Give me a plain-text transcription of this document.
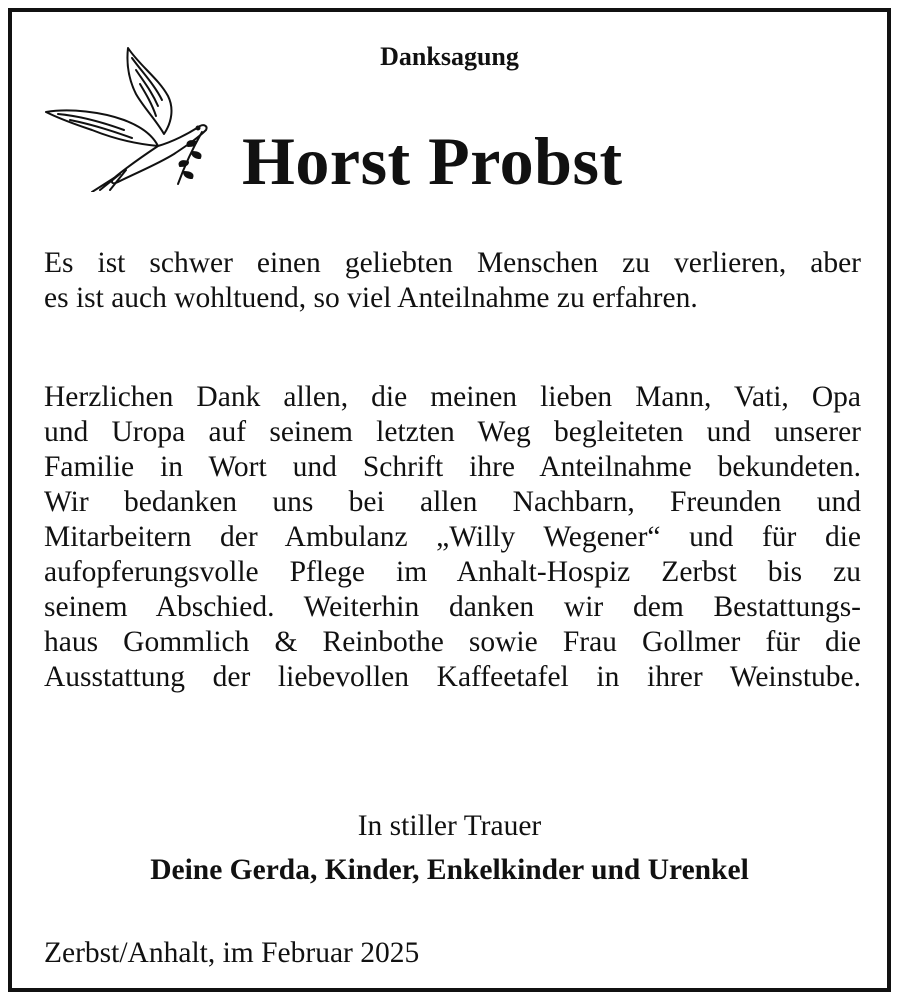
Danksagung
Horst Probst
Es ist schwer einen geliebten Menschen zu verlieren, aber
es ist auch wohltuend, so viel Anteilnahme zu erfahren.
Herzlichen Dank allen, die meinen lieben Mann, Vati, Opa
und Uropa auf seinem letzten Weg begleiteten und unserer
Familie in Wort und Schrift ihre Anteilnahme bekundeten.
Wir bedanken uns bei allen Nachbarn, Freunden und
Mitarbeitern der Ambulanz „Willy Wegener“ und für die
aufopferungsvolle Pflege im Anhalt-Hospiz Zerbst bis zu
seinem Abschied. Weiterhin danken wir dem Bestattungs-
haus Gommlich & Reinbothe sowie Frau Gollmer für die
Ausstattung der liebevollen Kaffeetafel in ihrer Weinstube.
In stiller Trauer
Deine Gerda, Kinder, Enkelkinder und Urenkel
Zerbst/Anhalt, im Februar 2025
